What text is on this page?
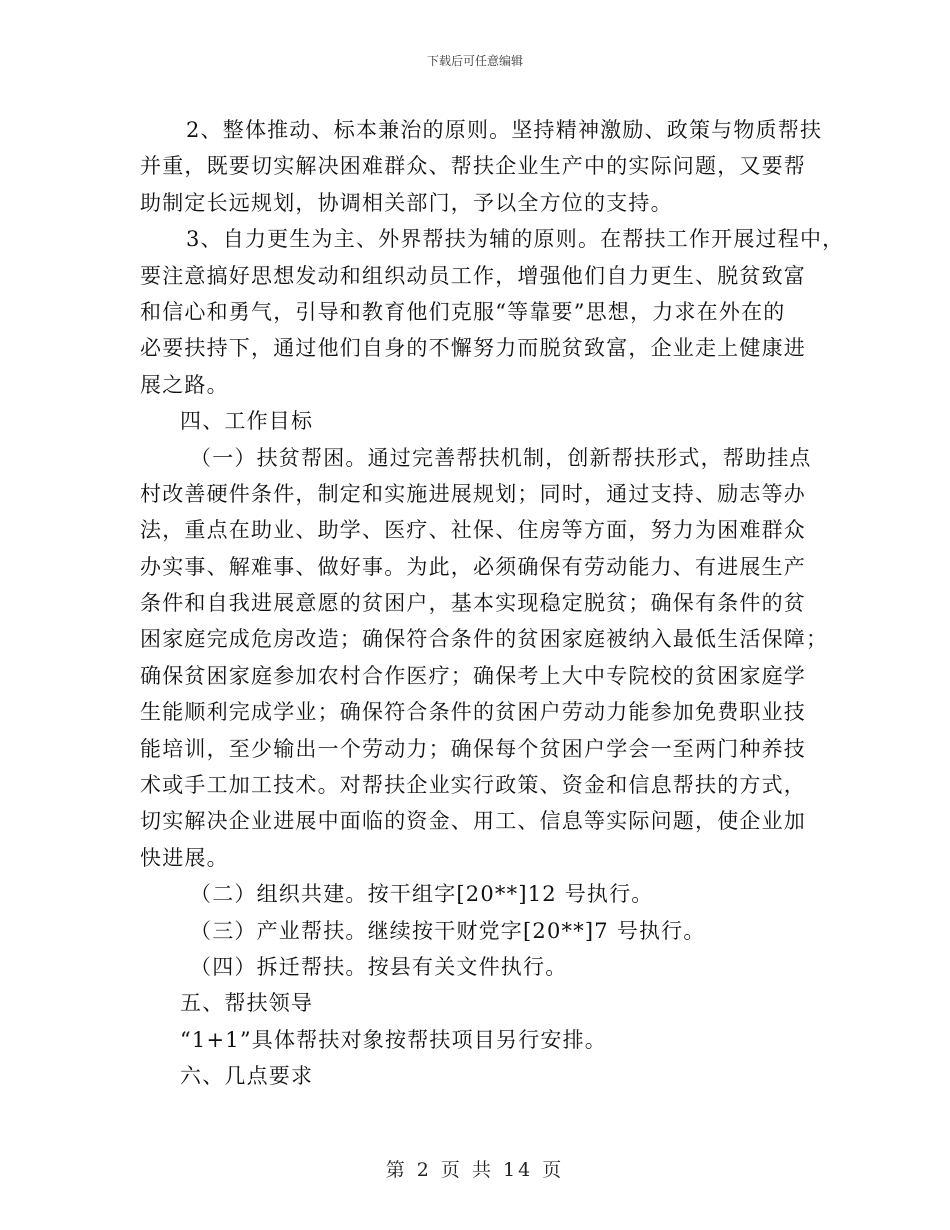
下载后可任意编辑
2、整体推动、标本兼治的原则。坚持精神激励、政策与物质帮扶
并重，既要切实解决困难群众、帮扶企业生产中的实际问题，又要帮
助制定长远规划，协调相关部门，予以全方位的支持。
3、自力更生为主、外界帮扶为辅的原则。在帮扶工作开展过程中，
要注意搞好思想发动和组织动员工作，增强他们自力更生、脱贫致富
和信心和勇气，引导和教育他们克服“等靠要”思想，力求在外在的
必要扶持下，通过他们自身的不懈努力而脱贫致富，企业走上健康进
展之路。
四、工作目标
（一）扶贫帮困。通过完善帮扶机制，创新帮扶形式，帮助挂点
村改善硬件条件，制定和实施进展规划；同时，通过支持、励志等办
法，重点在助业、助学、医疗、社保、住房等方面，努力为困难群众
办实事、解难事、做好事。为此，必须确保有劳动能力、有进展生产
条件和自我进展意愿的贫困户，基本实现稳定脱贫；确保有条件的贫
困家庭完成危房改造；确保符合条件的贫困家庭被纳入最低生活保障；
确保贫困家庭参加农村合作医疗；确保考上大中专院校的贫困家庭学
生能顺利完成学业；确保符合条件的贫困户劳动力能参加免费职业技
能培训，至少输出一个劳动力；确保每个贫困户学会一至两门种养技
术或手工加工技术。对帮扶企业实行政策、资金和信息帮扶的方式，
切实解决企业进展中面临的资金、用工、信息等实际问题，使企业加
快进展。
（二）组织共建。按干组字[20**]12 号执行。
（三）产业帮扶。继续按干财党字[20**]7 号执行。
（四）拆迁帮扶。按县有关文件执行。
五、帮扶领导
“1+1”具体帮扶对象按帮扶项目另行安排。
六、几点要求
第 2 页 共 14 页
